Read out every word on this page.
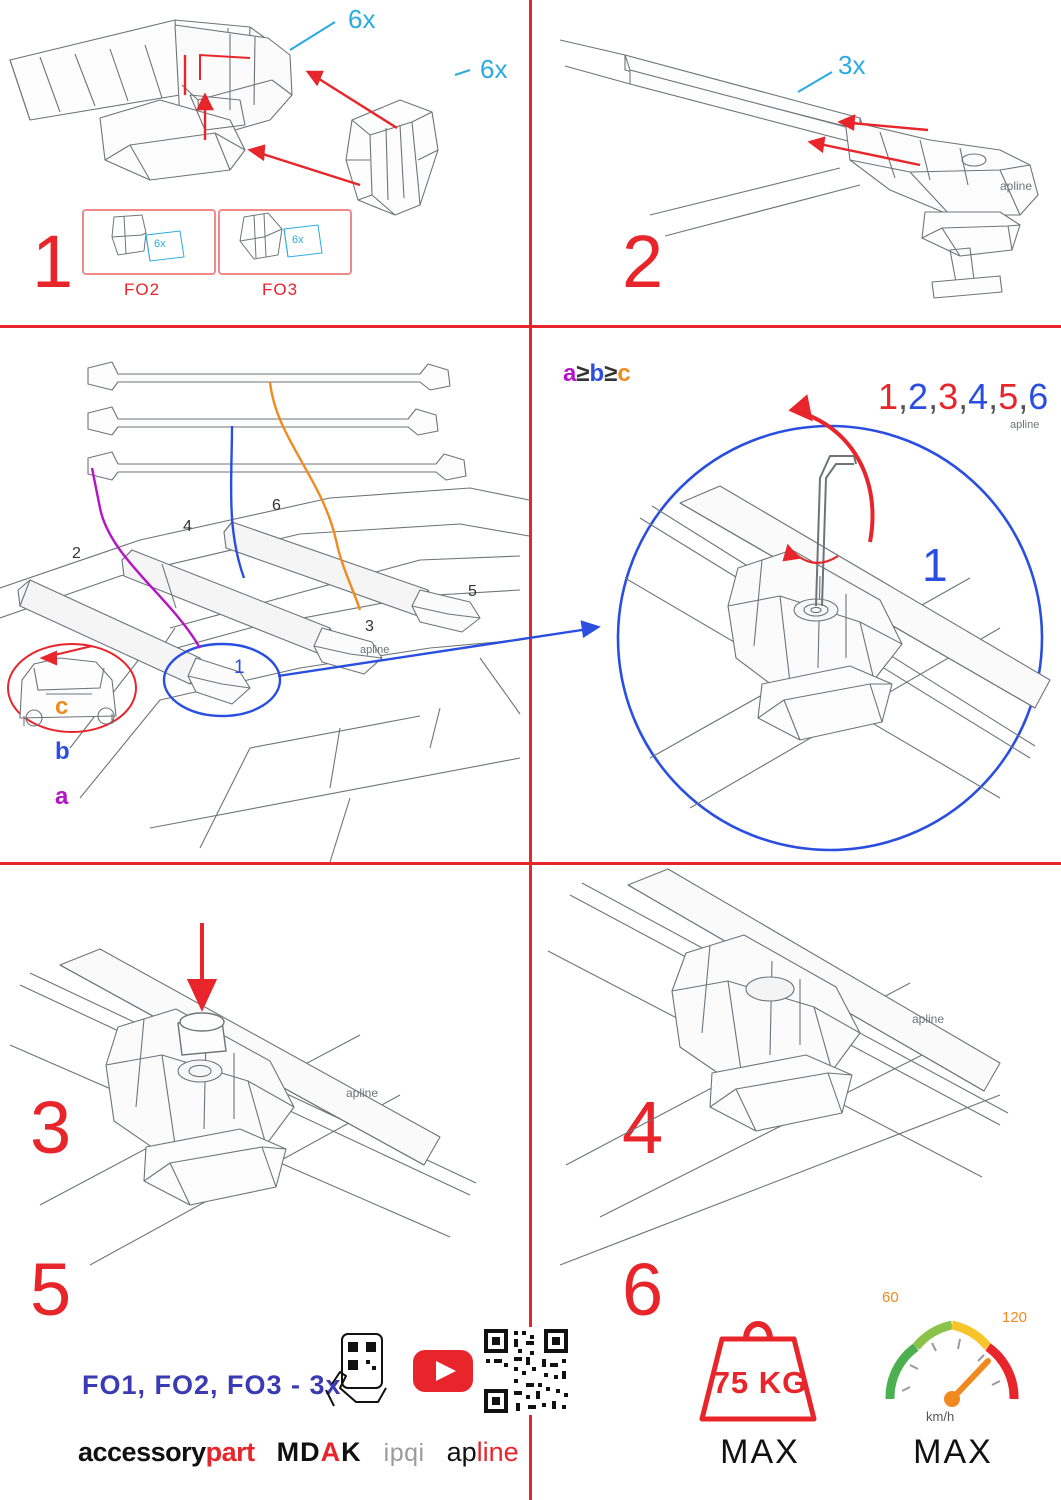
6x
6x
6x
FO2
6x
FO3
1
3x
apline
2
2
4
6
3
5
1
apline
a
b
c
3
a≥b≥c
apline
1
4
1,2,3,4,5,6
apline
5
FO1, FO2, FO3 - 3x
accessorypart MDAK ipqi apline
apline
6
75 KG
MAX
60
120
km/h
MAX
